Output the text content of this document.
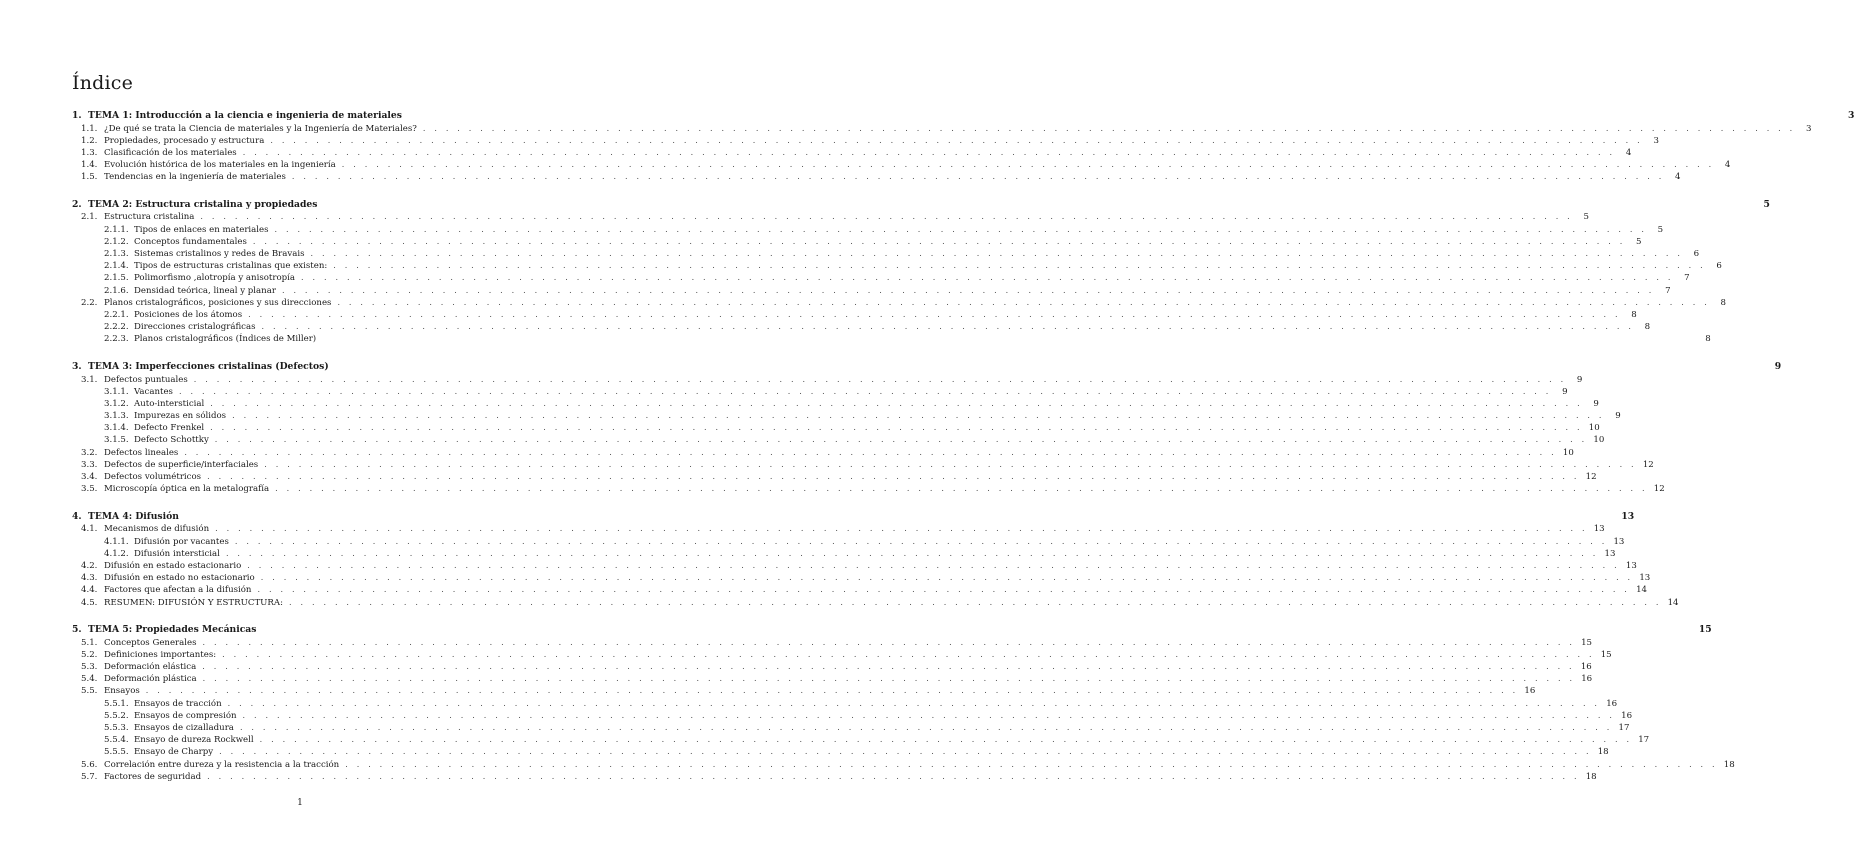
Índice
1. TEMA 1: Introducción a la ciencia e ingenieria de materiales	3
1.1. ¿De qué se trata la Ciencia de materiales y la Ingeniería de Materiales? . . . . . . . . . . . . . . . . . . . . . . . . . . . . . . . . . . . . . . . . . . . . . . . . . . . . . . . . . . . . . . . . . . . . . . . . . . . . . . . . . . . . . . . . . . . . . . . . . . . . . . . . . . . . . . . . . . . . . . . .	3
1.2. Propiedades, procesado y estructura . . . . . . . . . . . . . . . . . . . . . . . . . . . . . . . . . . . . . . . . . . . . . . . . . . . . . . . . . . . . . . . . . . . . . . . . . . . . . . . . . . . . . . . . . . . . . . . . . . . . . . . . . . . . . . . . . . . . . . . .	3
1.3. Clasificación de los materiales . . . . . . . . . . . . . . . . . . . . . . . . . . . . . . . . . . . . . . . . . . . . . . . . . . . . . . . . . . . . . . . . . . . . . . . . . . . . . . . . . . . . . . . . . . . . . . . . . . . . . . . . . . . . . . . . . . . . . . . .	4
1.4. Evolución histórica de los materiales en la ingeniería . . . . . . . . . . . . . . . . . . . . . . . . . . . . . . . . . . . . . . . . . . . . . . . . . . . . . . . . . . . . . . . . . . . . . . . . . . . . . . . . . . . . . . . . . . . . . . . . . . . . . . . . . . . . . . . . . . . . . . . .	4
1.5. Tendencias en la ingeniería de materiales . . . . . . . . . . . . . . . . . . . . . . . . . . . . . . . . . . . . . . . . . . . . . . . . . . . . . . . . . . . . . . . . . . . . . . . . . . . . . . . . . . . . . . . . . . . . . . . . . . . . . . . . . . . . . . . . . . . . . . . .	4
2. TEMA 2: Estructura cristalina y propiedades	5
2.1. Estructura cristalina . . . . . . . . . . . . . . . . . . . . . . . . . . . . . . . . . . . . . . . . . . . . . . . . . . . . . . . . . . . . . . . . . . . . . . . . . . . . . . . . . . . . . . . . . . . . . . . . . . . . . . . . . . . . . . . . . . . . . . . .	5
2.1.1. Tipos de enlaces en materiales . . . . . . . . . . . . . . . . . . . . . . . . . . . . . . . . . . . . . . . . . . . . . . . . . . . . . . . . . . . . . . . . . . . . . . . . . . . . . . . . . . . . . . . . . . . . . . . . . . . . . . . . . . . . . . . . . . . . . . . .	5
2.1.2. Conceptos fundamentales . . . . . . . . . . . . . . . . . . . . . . . . . . . . . . . . . . . . . . . . . . . . . . . . . . . . . . . . . . . . . . . . . . . . . . . . . . . . . . . . . . . . . . . . . . . . . . . . . . . . . . . . . . . . . . . . . . . . . . . .	5
2.1.3. Sistemas cristalinos y redes de Bravais . . . . . . . . . . . . . . . . . . . . . . . . . . . . . . . . . . . . . . . . . . . . . . . . . . . . . . . . . . . . . . . . . . . . . . . . . . . . . . . . . . . . . . . . . . . . . . . . . . . . . . . . . . . . . . . . . . . . . . . .	6
2.1.4. Tipos de estructuras cristalinas que existen: . . . . . . . . . . . . . . . . . . . . . . . . . . . . . . . . . . . . . . . . . . . . . . . . . . . . . . . . . . . . . . . . . . . . . . . . . . . . . . . . . . . . . . . . . . . . . . . . . . . . . . . . . . . . . . . . . . . . . . . .	6
2.1.5. Polimorfismo ,alotropía y anisotropía . . . . . . . . . . . . . . . . . . . . . . . . . . . . . . . . . . . . . . . . . . . . . . . . . . . . . . . . . . . . . . . . . . . . . . . . . . . . . . . . . . . . . . . . . . . . . . . . . . . . . . . . . . . . . . . . . . . . . . . .	7
2.1.6. Densidad teórica, lineal y planar . . . . . . . . . . . . . . . . . . . . . . . . . . . . . . . . . . . . . . . . . . . . . . . . . . . . . . . . . . . . . . . . . . . . . . . . . . . . . . . . . . . . . . . . . . . . . . . . . . . . . . . . . . . . . . . . . . . . . . . .	7
2.2. Planos cristalográficos, posiciones y sus direcciones . . . . . . . . . . . . . . . . . . . . . . . . . . . . . . . . . . . . . . . . . . . . . . . . . . . . . . . . . . . . . . . . . . . . . . . . . . . . . . . . . . . . . . . . . . . . . . . . . . . . . . . . . . . . . . . . . . . . . . . .	8
2.2.1. Posiciones de los átomos . . . . . . . . . . . . . . . . . . . . . . . . . . . . . . . . . . . . . . . . . . . . . . . . . . . . . . . . . . . . . . . . . . . . . . . . . . . . . . . . . . . . . . . . . . . . . . . . . . . . . . . . . . . . . . . . . . . . . . . .	8
2.2.2. Direcciones cristalográficas . . . . . . . . . . . . . . . . . . . . . . . . . . . . . . . . . . . . . . . . . . . . . . . . . . . . . . . . . . . . . . . . . . . . . . . . . . . . . . . . . . . . . . . . . . . . . . . . . . . . . . . . . . . . . . . . . . . . . . . .	8
2.2.3. Planos cristalográficos (Índices de Miller)	8
3. TEMA 3: Imperfecciones cristalinas (Defectos)	9
3.1. Defectos puntuales . . . . . . . . . . . . . . . . . . . . . . . . . . . . . . . . . . . . . . . . . . . . . . . . . . . . . . . . . . . . . . . . . . . . . . . . . . . . . . . . . . . . . . . . . . . . . . . . . . . . . . . . . . . . . . . . . . . . . . . .	9
3.1.1. Vacantes . . . . . . . . . . . . . . . . . . . . . . . . . . . . . . . . . . . . . . . . . . . . . . . . . . . . . . . . . . . . . . . . . . . . . . . . . . . . . . . . . . . . . . . . . . . . . . . . . . . . . . . . . . . . . . . . . . . . . . . .	9
3.1.2. Auto-intersticial . . . . . . . . . . . . . . . . . . . . . . . . . . . . . . . . . . . . . . . . . . . . . . . . . . . . . . . . . . . . . . . . . . . . . . . . . . . . . . . . . . . . . . . . . . . . . . . . . . . . . . . . . . . . . . . . . . . . . . . .	9
3.1.3. Impurezas en sólidos . . . . . . . . . . . . . . . . . . . . . . . . . . . . . . . . . . . . . . . . . . . . . . . . . . . . . . . . . . . . . . . . . . . . . . . . . . . . . . . . . . . . . . . . . . . . . . . . . . . . . . . . . . . . . . . . . . . . . . . .	9
3.1.4. Defecto Frenkel . . . . . . . . . . . . . . . . . . . . . . . . . . . . . . . . . . . . . . . . . . . . . . . . . . . . . . . . . . . . . . . . . . . . . . . . . . . . . . . . . . . . . . . . . . . . . . . . . . . . . . . . . . . . . . . . . . . . . . . . 10
3.1.5. Defecto Schottky . . . . . . . . . . . . . . . . . . . . . . . . . . . . . . . . . . . . . . . . . . . . . . . . . . . . . . . . . . . . . . . . . . . . . . . . . . . . . . . . . . . . . . . . . . . . . . . . . . . . . . . . . . . . . . . . . . . . . . . . 10
3.2. Defectos lineales . . . . . . . . . . . . . . . . . . . . . . . . . . . . . . . . . . . . . . . . . . . . . . . . . . . . . . . . . . . . . . . . . . . . . . . . . . . . . . . . . . . . . . . . . . . . . . . . . . . . . . . . . . . . . . . . . . . . . . . . 10
3.3. Defectos de superficie/interfaciales . . . . . . . . . . . . . . . . . . . . . . . . . . . . . . . . . . . . . . . . . . . . . . . . . . . . . . . . . . . . . . . . . . . . . . . . . . . . . . . . . . . . . . . . . . . . . . . . . . . . . . . . . . . . . . . . . . . . . . . . 12
3.4. Defectos volumétricos . . . . . . . . . . . . . . . . . . . . . . . . . . . . . . . . . . . . . . . . . . . . . . . . . . . . . . . . . . . . . . . . . . . . . . . . . . . . . . . . . . . . . . . . . . . . . . . . . . . . . . . . . . . . . . . . . . . . . . . . 12
3.5. Microscopía óptica en la metalografía . . . . . . . . . . . . . . . . . . . . . . . . . . . . . . . . . . . . . . . . . . . . . . . . . . . . . . . . . . . . . . . . . . . . . . . . . . . . . . . . . . . . . . . . . . . . . . . . . . . . . . . . . . . . . . . . . . . . . . . . 12
4. TEMA 4: Difusión	13
4.1. Mecanismos de difusión . . . . . . . . . . . . . . . . . . . . . . . . . . . . . . . . . . . . . . . . . . . . . . . . . . . . . . . . . . . . . . . . . . . . . . . . . . . . . . . . . . . . . . . . . . . . . . . . . . . . . . . . . . . . . . . . . . . . . . . . 13
4.1.1. Difusión por vacantes . . . . . . . . . . . . . . . . . . . . . . . . . . . . . . . . . . . . . . . . . . . . . . . . . . . . . . . . . . . . . . . . . . . . . . . . . . . . . . . . . . . . . . . . . . . . . . . . . . . . . . . . . . . . . . . . . . . . . . . . 13
4.1.2. Difusión intersticial . . . . . . . . . . . . . . . . . . . . . . . . . . . . . . . . . . . . . . . . . . . . . . . . . . . . . . . . . . . . . . . . . . . . . . . . . . . . . . . . . . . . . . . . . . . . . . . . . . . . . . . . . . . . . . . . . . . . . . . . 13
4.2. Difusión en estado estacionario . . . . . . . . . . . . . . . . . . . . . . . . . . . . . . . . . . . . . . . . . . . . . . . . . . . . . . . . . . . . . . . . . . . . . . . . . . . . . . . . . . . . . . . . . . . . . . . . . . . . . . . . . . . . . . . . . . . . . . . . 13
4.3. Difusión en estado no estacionario . . . . . . . . . . . . . . . . . . . . . . . . . . . . . . . . . . . . . . . . . . . . . . . . . . . . . . . . . . . . . . . . . . . . . . . . . . . . . . . . . . . . . . . . . . . . . . . . . . . . . . . . . . . . . . . . . . . . . . . . 13
4.4. Factores que afectan a la difusión . . . . . . . . . . . . . . . . . . . . . . . . . . . . . . . . . . . . . . . . . . . . . . . . . . . . . . . . . . . . . . . . . . . . . . . . . . . . . . . . . . . . . . . . . . . . . . . . . . . . . . . . . . . . . . . . . . . . . . . . 14
4.5. RESUMEN: DIFUSIÓN Y ESTRUCTURA: . . . . . . . . . . . . . . . . . . . . . . . . . . . . . . . . . . . . . . . . . . . . . . . . . . . . . . . . . . . . . . . . . . . . . . . . . . . . . . . . . . . . . . . . . . . . . . . . . . . . . . . . . . . . . . . . . . . . . . . . 14
5. TEMA 5: Propiedades Mecánicas	15
5.1. Conceptos Generales . . . . . . . . . . . . . . . . . . . . . . . . . . . . . . . . . . . . . . . . . . . . . . . . . . . . . . . . . . . . . . . . . . . . . . . . . . . . . . . . . . . . . . . . . . . . . . . . . . . . . . . . . . . . . . . . . . . . . . . . 15
5.2. Definiciones importantes: . . . . . . . . . . . . . . . . . . . . . . . . . . . . . . . . . . . . . . . . . . . . . . . . . . . . . . . . . . . . . . . . . . . . . . . . . . . . . . . . . . . . . . . . . . . . . . . . . . . . . . . . . . . . . . . . . . . . . . . . 15
5.3. Deformación elástica . . . . . . . . . . . . . . . . . . . . . . . . . . . . . . . . . . . . . . . . . . . . . . . . . . . . . . . . . . . . . . . . . . . . . . . . . . . . . . . . . . . . . . . . . . . . . . . . . . . . . . . . . . . . . . . . . . . . . . . . 16
5.4. Deformación plástica . . . . . . . . . . . . . . . . . . . . . . . . . . . . . . . . . . . . . . . . . . . . . . . . . . . . . . . . . . . . . . . . . . . . . . . . . . . . . . . . . . . . . . . . . . . . . . . . . . . . . . . . . . . . . . . . . . . . . . . . 16
5.5. Ensayos . . . . . . . . . . . . . . . . . . . . . . . . . . . . . . . . . . . . . . . . . . . . . . . . . . . . . . . . . . . . . . . . . . . . . . . . . . . . . . . . . . . . . . . . . . . . . . . . . . . . . . . . . . . . . . . . . . . . . . . . 16
5.5.1. Ensayos de tracción . . . . . . . . . . . . . . . . . . . . . . . . . . . . . . . . . . . . . . . . . . . . . . . . . . . . . . . . . . . . . . . . . . . . . . . . . . . . . . . . . . . . . . . . . . . . . . . . . . . . . . . . . . . . . . . . . . . . . . . . 16
5.5.2. Ensayos de compresión . . . . . . . . . . . . . . . . . . . . . . . . . . . . . . . . . . . . . . . . . . . . . . . . . . . . . . . . . . . . . . . . . . . . . . . . . . . . . . . . . . . . . . . . . . . . . . . . . . . . . . . . . . . . . . . . . . . . . . . . 16
5.5.3. Ensayos de cizalladura . . . . . . . . . . . . . . . . . . . . . . . . . . . . . . . . . . . . . . . . . . . . . . . . . . . . . . . . . . . . . . . . . . . . . . . . . . . . . . . . . . . . . . . . . . . . . . . . . . . . . . . . . . . . . . . . . . . . . . . . 17
5.5.4. Ensayo de dureza Rockwell . . . . . . . . . . . . . . . . . . . . . . . . . . . . . . . . . . . . . . . . . . . . . . . . . . . . . . . . . . . . . . . . . . . . . . . . . . . . . . . . . . . . . . . . . . . . . . . . . . . . . . . . . . . . . . . . . . . . . . . . 17
5.5.5. Ensayo de Charpy . . . . . . . . . . . . . . . . . . . . . . . . . . . . . . . . . . . . . . . . . . . . . . . . . . . . . . . . . . . . . . . . . . . . . . . . . . . . . . . . . . . . . . . . . . . . . . . . . . . . . . . . . . . . . . . . . . . . . . . . 18
5.6. Correlación entre dureza y la resistencia a la tracción . . . . . . . . . . . . . . . . . . . . . . . . . . . . . . . . . . . . . . . . . . . . . . . . . . . . . . . . . . . . . . . . . . . . . . . . . . . . . . . . . . . . . . . . . . . . . . . . . . . . . . . . . . . . . . . . . . . . . . . . 18
5.7. Factores de seguridad . . . . . . . . . . . . . . . . . . . . . . . . . . . . . . . . . . . . . . . . . . . . . . . . . . . . . . . . . . . . . . . . . . . . . . . . . . . . . . . . . . . . . . . . . . . . . . . . . . . . . . . . . . . . . . . . . . . . . . . . 18
1
